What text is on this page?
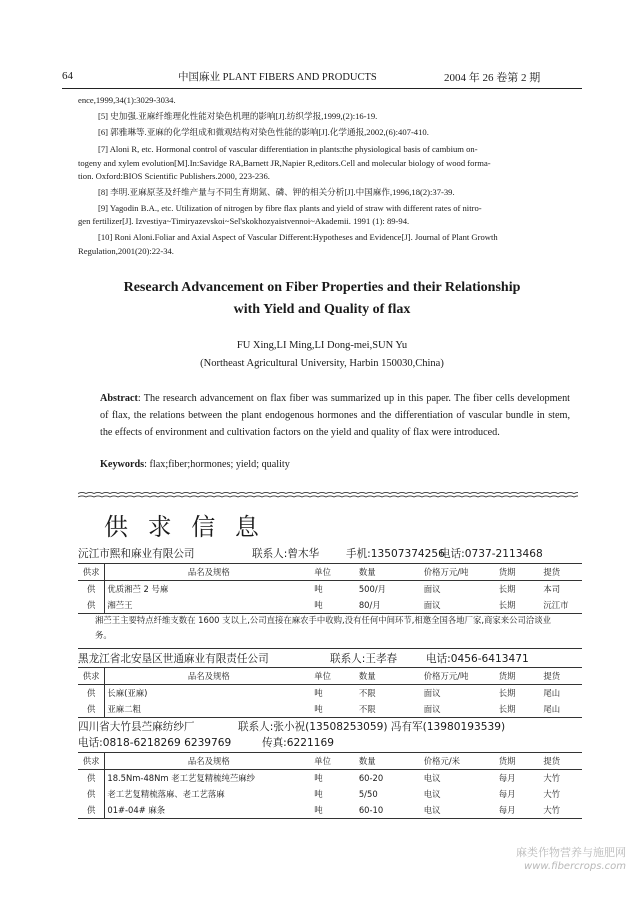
64	中国麻业 PLANT FIBERS AND PRODUCTS	2004 年 26 卷第 2 期
ence,1999,34(1):3029-3034.
[5] 史加强.亚麻纤维理化性能对染色机理的影响[J].纺织学报,1999,(2):16-19.
[6] 郭雅琳等.亚麻的化学组成和微观结构对染色性能的影响[J].化学通报,2002,(6):407-410.
[7] Aloni R, etc. Hormonal control of vascular differentiation in plants:the physiological basis of cambium on-
togeny and xylem evolution[M].In:Savidge RA,Barnett JR,Napier R,editors.Cell and molecular biology of wood forma-
tion. Oxford:BIOS Scientific Publishers.2000, 223-236.
[8] 李明.亚麻原茎及纤维产量与不同生育期氮、磷、钾的相关分析[J].中国麻作,1996,18(2):37-39.
[9] Yagodin B.A., etc. Utilization of nitrogen by fibre flax plants and yield of straw with different rates of nitro-
gen fertilizer[J]. Izvestiya~Timiryazevskoi~Sel'skokhozyaistvennoi~Akademii. 1991 (1): 89-94.
[10] Roni Aloni.Foliar and Axial Aspect of Vascular Different:Hypotheses and Evidence[J]. Journal of Plant Growth
Regulation,2001(20):22-34.
Research Advancement on Fiber Properties and their Relationship
with Yield and Quality of flax
FU Xing,LI Ming,LI Dong-mei,SUN Yu
(Northeast Agricultural University, Harbin 150030,China)
Abstract: The research advancement on flax fiber was summarized up in this paper. The fiber cells development of flax, the relations between the plant endogenous hormones and the differentiation of vascular bundle in stem, the effects of environment and cultivation factors on the yield and quality of flax were introduced.
Keywords: flax;fiber;hormones; yield; quality
供 求 信 息
沅江市熙和麻业有限公司	联系人:曾木华	手机:13507374256
电话:0737-2113468
供求	品名及规格	单位	数量	价格万元/吨	货期	提货
供	优质湘苎 2 号麻	吨	500/月	面议	长期	本司
供	湘苎王	吨	80/月	面议	长期	沅江市
湘苎王主要特点纤维支数在 1600 支以上,公司直接在麻农手中收购,没有任何中间环节,相邀全国各地厂家,商家来公司洽谈业务。
黑龙江省北安垦区世通麻业有限责任公司	联系人:王孝春	电话:0456-6413471
供求	品名及规格	单位	数量	价格万元/吨	货期	提货
供	长麻(亚麻)	吨	不限	面议	长期	尾山
供	亚麻二粗	吨	不限	面议	长期	尾山
四川省大竹县苎麻纺纱厂	联系人:张小祝(13508253059) 冯有军(13980193539)
电话:0818-6218269 6239769	传真:6221169
供求	品名及规格	单位	数量	价格元/米	货期	提货
供	18.5Nm-48Nm 老工艺复精梳纯苎麻纱	吨	60-20	电议	每月	大竹
供	老工艺复精梳落麻、老工艺落麻	吨	5/50	电议	每月	大竹
供	01#-04# 麻条	吨	60-10	电议	每月	大竹
麻类作物营养与施肥网
www.fibercrops.com
